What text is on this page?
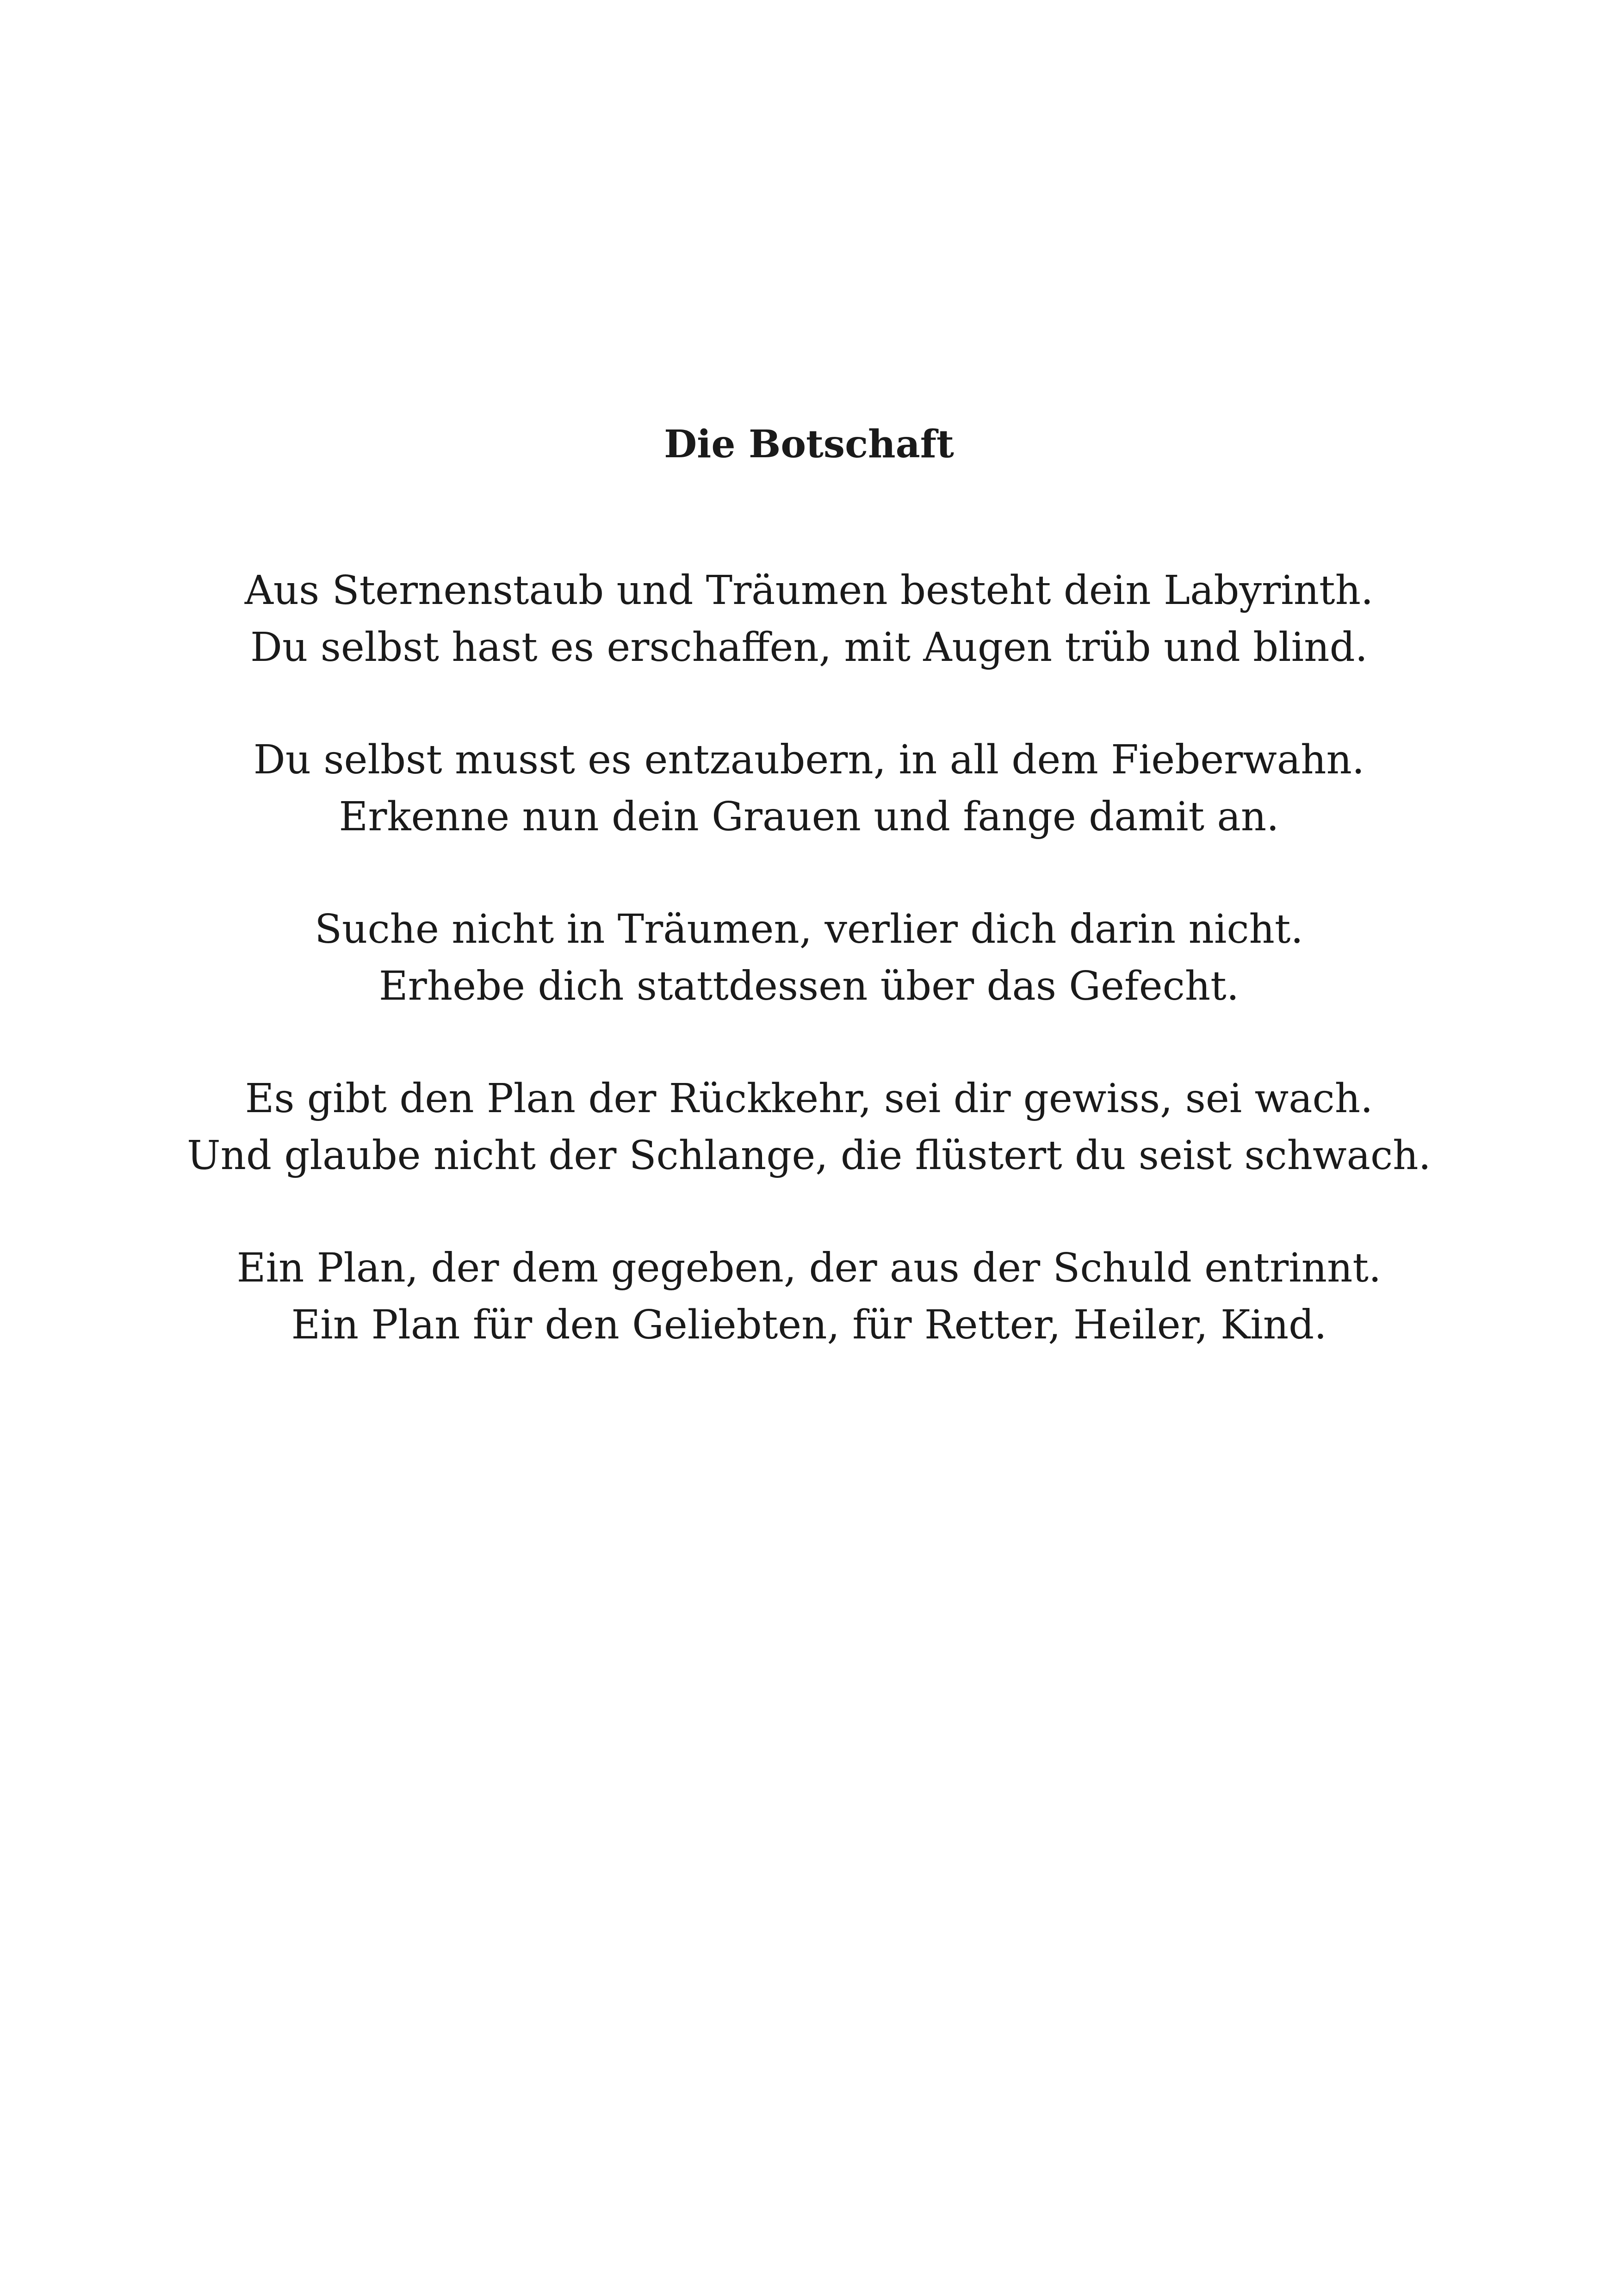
Die Botschaft

Aus Sternenstaub und Träumen besteht dein Labyrinth.
Du selbst hast es erschaffen, mit Augen trüb und blind.

Du selbst musst es entzaubern, in all dem Fieberwahn.
Erkenne nun dein Grauen und fange damit an.

Suche nicht in Träumen, verlier dich darin nicht.
Erhebe dich stattdessen über das Gefecht.

Es gibt den Plan der Rückkehr, sei dir gewiss, sei wach.
Und glaube nicht der Schlange, die flüstert du seist schwach.

Ein Plan, der dem gegeben, der aus der Schuld entrinnt.
Ein Plan für den Geliebten, für Retter, Heiler, Kind.
